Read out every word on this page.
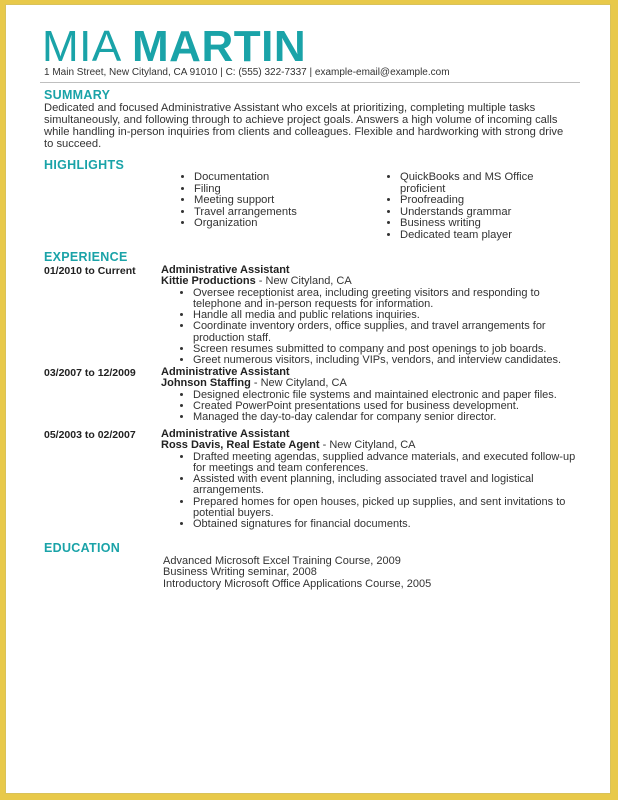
MIA MARTIN
1 Main Street, New Cityland, CA 91010 | C: (555) 322-7337 | example-email@example.com
SUMMARY
Dedicated and focused Administrative Assistant who excels at prioritizing, completing multiple tasks simultaneously, and following through to achieve project goals. Answers a high volume of incoming calls while handling in-person inquiries from clients and colleagues. Flexible and hardworking with strong drive to succeed.
HIGHLIGHTS
• Documentation
• Filing
• Meeting support
• Travel arrangements
• Organization
• QuickBooks and MS Office proficient
• Proofreading
• Understands grammar
• Business writing
• Dedicated team player
EXPERIENCE
01/2010 to Current Administrative Assistant
Kittie Productions - New Cityland, CA
• Oversee receptionist area, including greeting visitors and responding to telephone and in-person requests for information.
• Handle all media and public relations inquiries.
• Coordinate inventory orders, office supplies, and travel arrangements for production staff.
• Screen resumes submitted to company and post openings to job boards.
• Greet numerous visitors, including VIPs, vendors, and interview candidates.
03/2007 to 12/2009 Administrative Assistant
Johnson Staffing - New Cityland, CA
• Designed electronic file systems and maintained electronic and paper files.
• Created PowerPoint presentations used for business development.
• Managed the day-to-day calendar for company senior director.
05/2003 to 02/2007 Administrative Assistant
Ross Davis, Real Estate Agent - New Cityland, CA
• Drafted meeting agendas, supplied advance materials, and executed follow-up for meetings and team conferences.
• Assisted with event planning, including associated travel and logistical arrangements.
• Prepared homes for open houses, picked up supplies, and sent invitations to potential buyers.
• Obtained signatures for financial documents.
EDUCATION
Advanced Microsoft Excel Training Course, 2009
Business Writing seminar, 2008
Introductory Microsoft Office Applications Course, 2005
